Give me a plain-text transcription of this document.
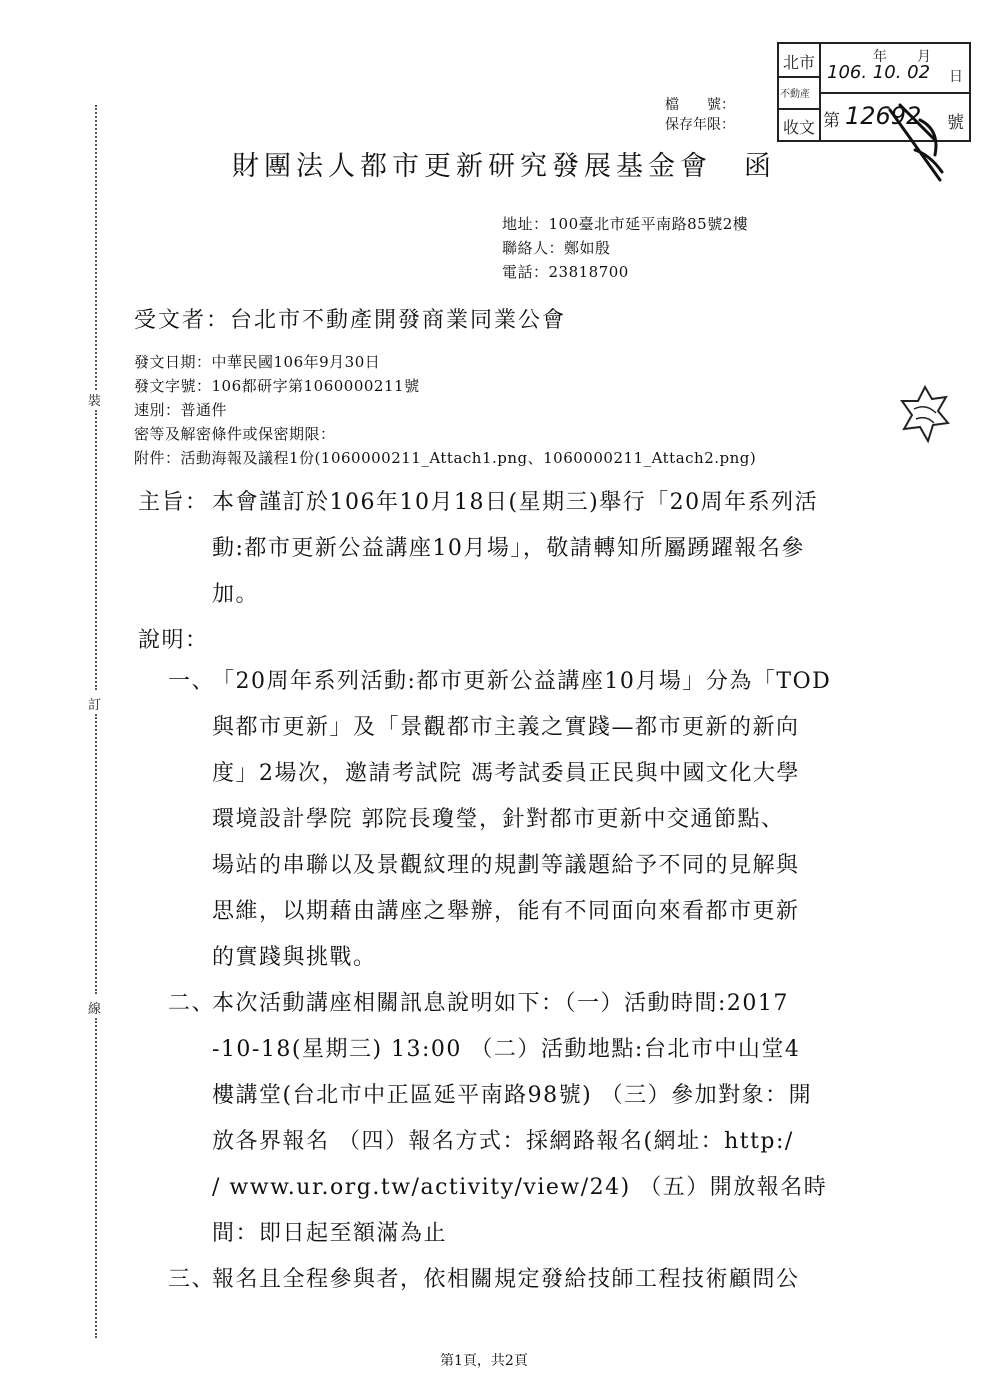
裝
訂
線
北市
不動產
收文
年 月
日
第	號
106. 10. 02
12692
檔　　號：
保存年限：
財團法人都市更新研究發展基金會　函
地址：100臺北市延平南路85號2樓
聯絡人：鄭如殷
電話：23818700
受文者：台北市不動產開發商業同業公會
發文日期：中華民國106年9月30日
發文字號：106都研字第1060000211號
速別：普通件
密等及解密條件或保密期限：
附件：活動海報及議程1份(1060000211_Attach1.png、1060000211_Attach2.png)
主旨： 本會謹訂於106年10月18日(星期三)舉行「20周年系列活
動:都市更新公益講座10月場」，敬請轉知所屬踴躍報名參
加。
說明：
一、
「20周年系列活動:都市更新公益講座10月場」分為「TOD
與都市更新」及「景觀都市主義之實踐—都市更新的新向
度」2場次，邀請考試院 馮考試委員正民與中國文化大學
環境設計學院 郭院長瓊瑩，針對都市更新中交通節點、
場站的串聯以及景觀紋理的規劃等議題給予不同的見解與
思維，以期藉由講座之舉辦，能有不同面向來看都市更新
的實踐與挑戰。
二、
本次活動講座相關訊息說明如下：（一）活動時間:2017
-10-18(星期三) 13:00 （二）活動地點:台北市中山堂4
樓講堂(台北市中正區延平南路98號) （三）參加對象：開
放各界報名 （四）報名方式：採網路報名(網址：http:/
/ www.ur.org.tw/activity/view/24) （五）開放報名時
間：即日起至額滿為止
三、
報名且全程參與者，依相關規定發給技師工程技術顧問公
第1頁，共2頁
